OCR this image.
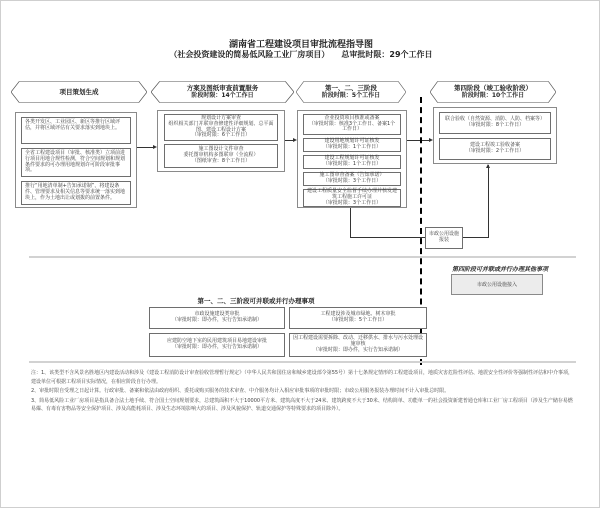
湖南省工程建设项目审批流程指导图
（社会投资建设的简易低风险工业厂房项目）　　总审批时限：29个工作日
项目策划生成	方案及图纸审查前置服务
阶段时限：14个工作日
第一、二、三阶段
阶段时限：5个工作日
第四阶段（竣工验收阶段）
阶段时限：10个工作日
各类开发区、工业园区、新区等推行区域评估，并将区域评估有关要求落实到地块上。
全省工程建设项目（审批、核准类）立项前进行项目用地合规性检测，符合空间规划和规划条件要求的可办理用地规划许可阶段审批事项。
推行“用地清单制+告知承诺制”，将建设条件、管理要求及相关信息等要求统一落实到地块上，作为土地出让或划拨的前置条件。
规划设计方案审查
组织相关部门并联审查修建性详细规划、总平面图、建设工程设计方案
（审批时限：6个工作日）
施工图设计文件审查
委托图审机构多图联审（全流程）
（图纸审查：8个工作日）
企业投资项目核准或备案
（审批时限：核准3个工作日、备案1个工作日）
建设用地规划许可证核发
（审批时限：1个工作日）
建设工程规划许可证核发
（审批时限：1个工作日）
施工图审查备案（告知承诺）
（审批时限：3个工作日）
建设工程质量安全监督手续办理并核发建筑工程施工许可证
（审批时限：3个工作日）
联合验收（自然资源、消防、人防、档案等）
（审批时限：8个工作日）
建设工程竣工验收备案
（审批时限：2个工作日）
市政公用设施报装
第四阶段可并联或并行办理其他事项
市政公用设施接入
第一、二、三阶段可并联或并行办理事项
市政设施建设类审批
（审批时限：即办件，实行告知承诺制）
工程建设涉及城市绿地、树木审批
（审批时限：5个工作日）
应建防空地下室的民用建筑项目易地建设审批
（审批时限：即办件，实行告知承诺制）
因工程建设需要拆除、改动、迁移供水、排水与污水处理设施审核
（审批时限：即办件，实行告知承诺制）

注：1、该类型不含风景名胜地区内建设活动和涉及《建设工程消防设计审查验收管理暂行规定》（中华人民共和国住房和城乡建设部令第55号）第十七条规定情形的工程建设项目，地质灾害危险性评估、地震安全性评价等强制性评估和中介事项，建设单位可根据工程项目实际情况，在相应阶段自行办理。

2、审批时限自受理之日起计算。行政审批、备案和依法由政府组织、委托或购买服务的技术审查、中介服务均计入相应审批事项的审批时限；市政公用服务报装办理时间不计入审批总时限。

3、简易低风险工业厂房项目是指具备合法土地手续、符合国土空间规划要求，总建筑面积不大于10000平方米、建筑高度不大于24米、建筑跨度不大于30米、结构简单、功能单一的社会投资新建普通仓库和工业厂房工程项目（涉及生产储存易燃易爆、有毒有害物品等安全保护项目、涉及高能耗项目、涉及生态环境影响大的项目、涉及风貌保护、轨道交通保护等特殊要求的项目除外）。
